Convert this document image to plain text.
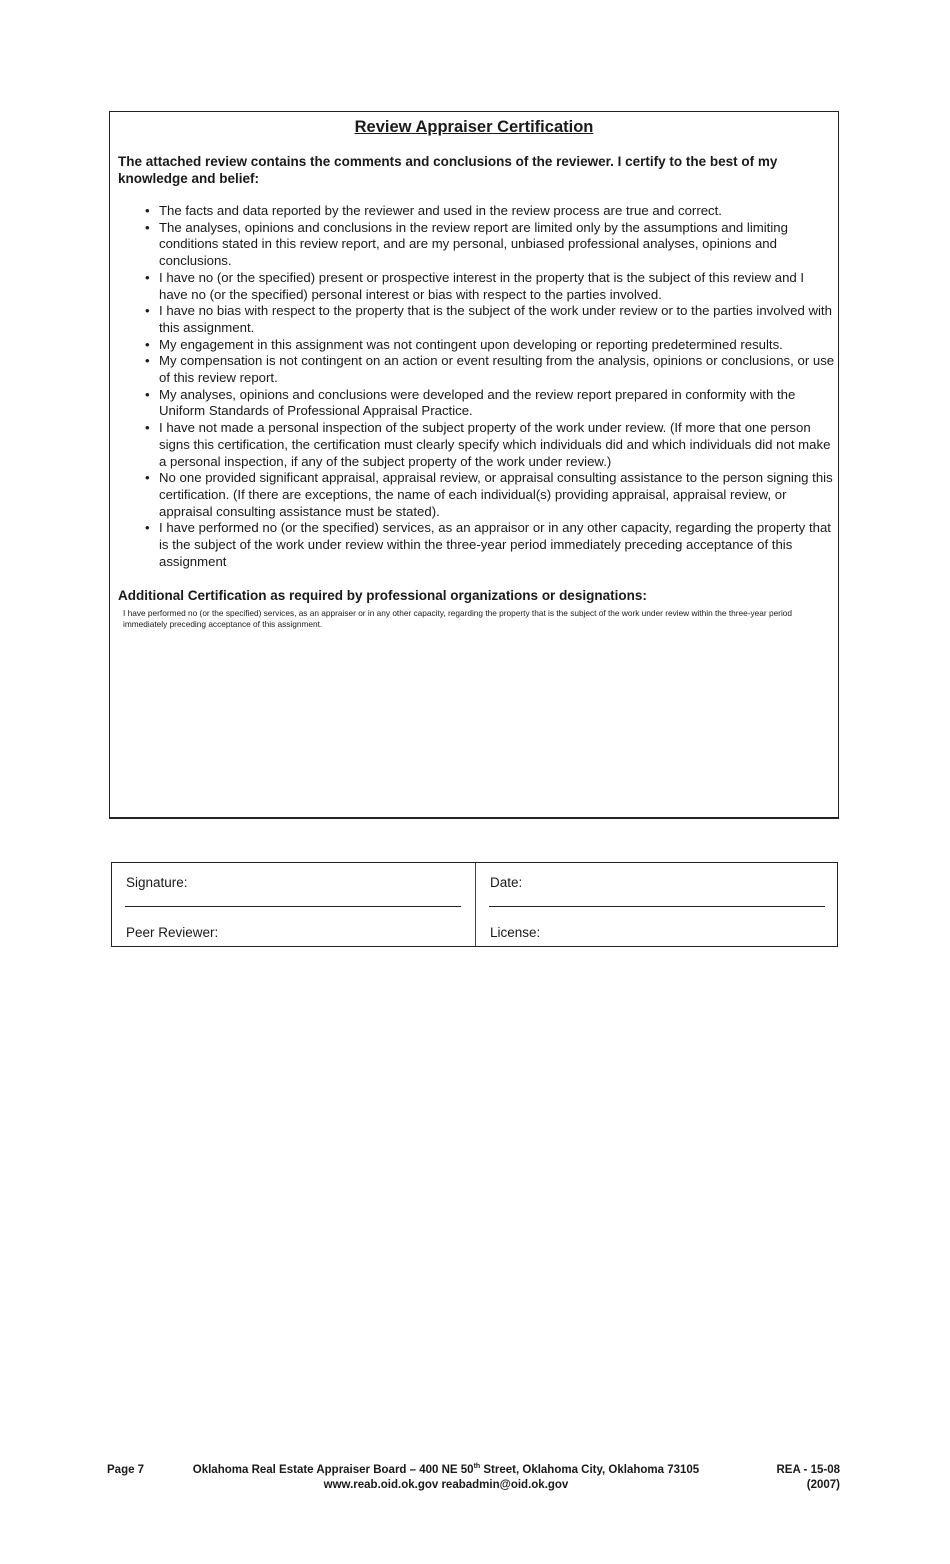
Review Appraiser Certification

The attached review contains the comments and conclusions of the reviewer. I certify to the best of my knowledge and belief:

• The facts and data reported by the reviewer and used in the review process are true and correct.
• The analyses, opinions and conclusions in the review report are limited only by the assumptions and limiting conditions stated in this review report, and are my personal, unbiased professional analyses, opinions and conclusions.
• I have no (or the specified) present or prospective interest in the property that is the subject of this review and I have no (or the specified) personal interest or bias with respect to the parties involved.
• I have no bias with respect to the property that is the subject of the work under review or to the parties involved with this assignment.
• My engagement in this assignment was not contingent upon developing or reporting predetermined results.
• My compensation is not contingent on an action or event resulting from the analysis, opinions or conclusions, or use of this review report.
• My analyses, opinions and conclusions were developed and the review report prepared in conformity with the Uniform Standards of Professional Appraisal Practice.
• I have not made a personal inspection of the subject property of the work under review. (If more that one person signs this certification, the certification must clearly specify which individuals did and which individuals did not make a personal inspection, if any of the subject property of the work under review.)
• No one provided significant appraisal, appraisal review, or appraisal consulting assistance to the person signing this certification. (If there are exceptions, the name of each individual(s) providing appraisal, appraisal review, or appraisal consulting assistance must be stated).
• I have performed no (or the specified) services, as an appraisor or in any other capacity, regarding the property that is the subject of the work under review within the three-year period immediately preceding acceptance of this assignment

Additional Certification as required by professional organizations or designations:

I have performed no (or the specified) services, as an appraiser or in any other capacity, regarding the property that is the subject of the work under review within the three-year period immediately preceding acceptance of this assignment.

Signature:	Date:

Peer Reviewer:	License:

Page 7	Oklahoma Real Estate Appraiser Board – 400 NE 50th Street, Oklahoma City, Oklahoma 73105
www.reab.oid.ok.gov reabadmin@oid.ok.gov
REA - 15-08
(2007)
